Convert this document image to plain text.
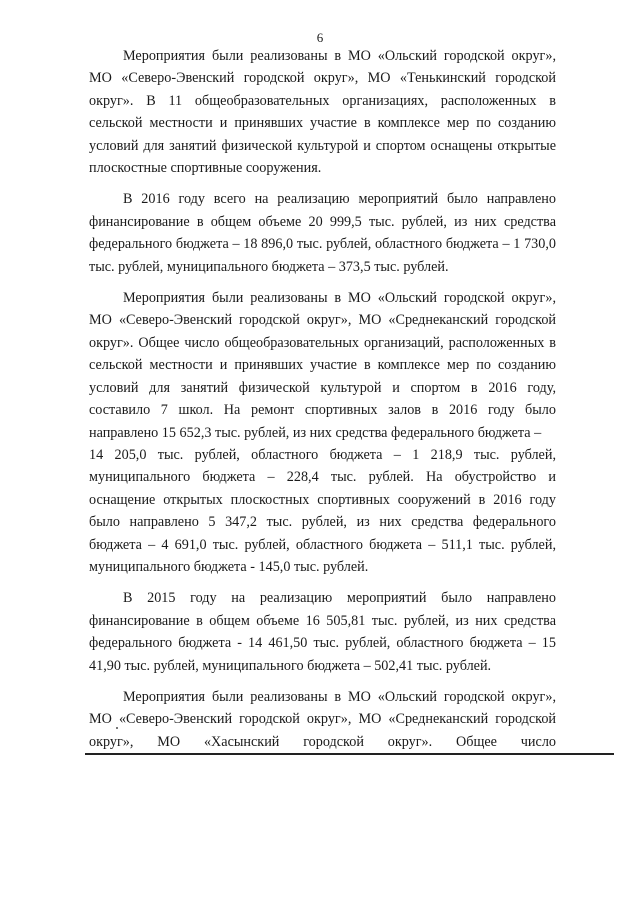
6

Мероприятия были реализованы в МО «Ольский городской округ», МО «Северо-Эвенский городской округ», МО «Тенькинский городской округ». В 11 общеобразовательных организациях, расположенных в сельской местности и принявших участие в комплексе мер по созданию условий для занятий физической культурой и спортом оснащены открытые плоскостные спортивные сооружения.

В 2016 году всего на реализацию мероприятий было направлено финансирование в общем объеме 20 999,5 тыс. рублей, из них средства федерального бюджета – 18 896,0 тыс. рублей, областного бюджета – 1 730,0 тыс. рублей, муниципального бюджета – 373,5 тыс. рублей.

Мероприятия были реализованы в МО «Ольский городской округ», МО «Северо-Эвенский городской округ», МО «Среднеканский городской округ». Общее число общеобразовательных организаций, расположенных в сельской местности и принявших участие в комплексе мер по созданию условий для занятий физической культурой и спортом в 2016 году, составило 7 школ. На ремонт спортивных залов в 2016 году было направлено 15 652,3 тыс. рублей, из них средства федерального бюджета –

14 205,0 тыс. рублей, областного бюджета – 1 218,9 тыс. рублей, муниципального бюджета – 228,4 тыс. рублей. На обустройство и оснащение открытых плоскостных спортивных сооружений в 2016 году было направлено 5 347,2 тыс. рублей, из них средства федерального бюджета – 4 691,0 тыс. рублей, областного бюджета – 511,1 тыс. рублей, муниципального бюджета - 145,0 тыс. рублей.

В 2015 году на реализацию мероприятий было направлено финансирование в общем объеме 16 505,81 тыс. рублей, из них средства федерального бюджета - 14 461,50 тыс. рублей, областного бюджета – 15 41,90 тыс. рублей, муниципального бюджета – 502,41 тыс. рублей.

Мероприятия были реализованы в МО «Ольский городской округ», МО «Северо-Эвенский городской округ», МО «Среднеканский городской округ», МО «Хасынский городской округ». Общее число
